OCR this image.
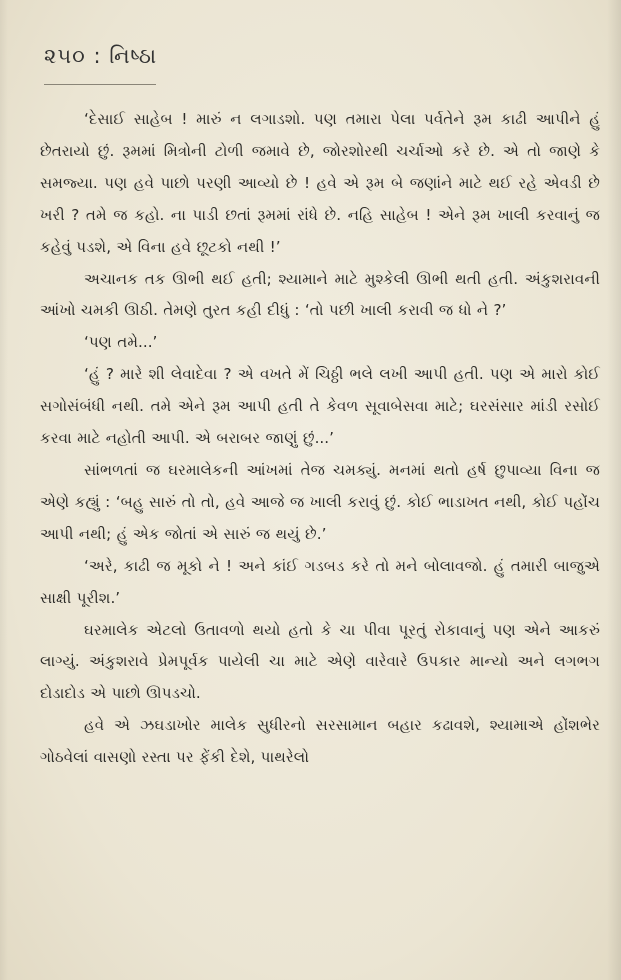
૨૫૦ : નિષ્ઠા

‘દેસાઈ સાહેબ ! મારું ન લગાડશો. પણ તમારા પેલા પર્વતેને રૂમ કાઢી આપીને હું છેતરાયો છું. રૂમમાં મિત્રોની ટોળી જમાવે છે, જોરશોરથી ચર્ચાઓ કરે છે. એ તો જાણે કે સમજ્યા. પણ હવે પાછો પરણી આવ્યો છે ! હવે એ રૂમ બે જણાંને માટે થઈ રહે એવડી છે ખરી ? તમે જ કહો. ના પાડી છતાં રૂમમાં રાંધે છે. નહિ સાહેબ ! એને રૂમ ખાલી કરવાનું જ કહેવું પડશે, એ વિના હવે છૂટકો નથી !’

અચાનક તક ઊભી થઈ હતી; શ્યામાને માટે મુશ્કેલી ઊભી થતી હતી. અંકુશરાવની આંખો ચમકી ઊઠી. તેમણે તુરત કહી દીધું : ‘તો પછી ખાલી કરાવી જ ધો ને ?’

‘પણ તમે...’

‘હું ? મારે શી લેવાદેવા ? એ વખતે મેં ચિઠ્ઠી ભલે લખી આપી હતી. પણ એ મારો કોઈ સગોસંબંધી નથી. તમે એને રૂમ આપી હતી તે કેવળ સૂવાબેસવા માટે; ઘરસંસાર માંડી રસોઈ કરવા માટે નહોતી આપી. એ બરાબર જાણું છું...’

સાંભળતાં જ ઘરમાલેકની આંખમાં તેજ ચમક્યું. મનમાં થતો હર્ષ છુપાવ્યા વિના જ એણે કહ્યું : ‘બહુ સારું તો તો, હવે આજે જ ખાલી કરાવું છું. કોઈ ભાડાખત નથી, કોઈ પહોંચ આપી નથી; હું એક જોતાં એ સારું જ થયું છે.’

‘અરે, કાઢી જ મૂકો ને ! અને કાંઈ ગડબડ કરે તો મને બોલાવજો. હું તમારી બાજુએ સાક્ષી પૂરીશ.’

ઘરમાલેક એટલો ઉતાવળો થયો હતો કે ચા પીવા પૂરતું રોકાવાનું પણ એને આકરું લાગ્યું. અંકુશરાવે પ્રેમપૂર્વક પાયેલી ચા માટે એણે વારેવારે ઉપકાર માન્યો અને લગભગ દોડાદોડ એ પાછો ઊપડચો.

હવે એ ઝઘડાખોર માલેક સુધીરનો સરસામાન બહાર કઢાવશે, શ્યામાએ હોંશભેર ગોઠવેલાં વાસણો રસ્તા પર ફેંકી દેશે, પાથરેલો
